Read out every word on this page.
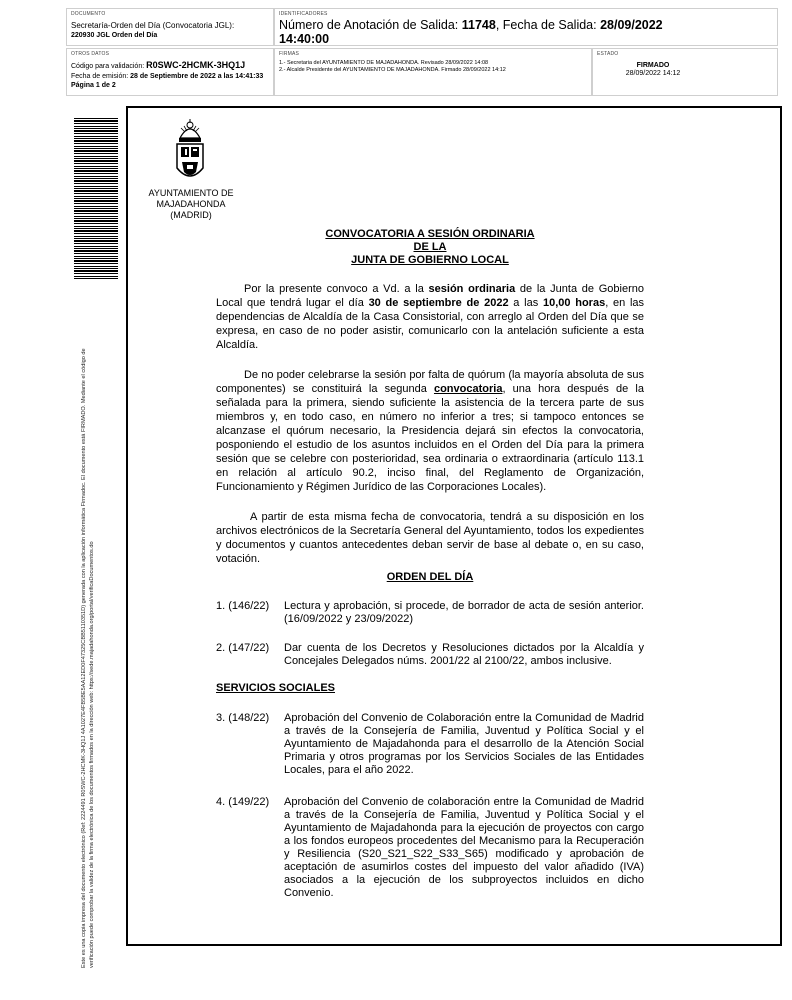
DOCUMENTO
Secretaría-Orden del Día (Convocatoria JGL):
220930 JGL Orden del Día
IDENTIFICADORES
Número de Anotación de Salida: 11748, Fecha de Salida: 28/09/2022
14:40:00
OTROS DATOS
Código para validación: R0SWC-2HCMK-3HQ1J
Fecha de emisión: 28 de Septiembre de 2022 a las 14:41:33
Página 1 de 2
FIRMAS
1.- Secretaria del AYUNTAMIENTO DE MAJADAHONDA. Revisado 28/09/2022 14:08
2.- Alcalde Presidente del AYUNTAMIENTO DE MAJADAHONDA. Firmado 28/09/2022 14:12
ESTADO
FIRMADO
28/09/2022 14:12
Este es una copia impresa del documento electrónico (Ref: 2224491 R0SWC-2HCMK-3HQ1J 4A1027E4FB5BE5AA12ED0F47325CBB5110351D) generada con la aplicación informática Firmadoc. El documento está FIRMADO. Mediante el código de verificación puede comprobar la validez de la firma electrónica de los documentos firmados en la dirección web: https://sede.majadahonda.org/portal/verificaDocumentos.do
AYUNTAMIENTO DE
MAJADAHONDA
(MADRID)
CONVOCATORIA A SESIÓN ORDINARIA
DE LA
JUNTA DE GOBIERNO LOCAL
Por la presente convoco a Vd. a la sesión ordinaria de la Junta de Gobierno Local que tendrá lugar el día 30 de septiembre de 2022 a las 10,00 horas, en las dependencias de Alcaldía de la Casa Consistorial, con arreglo al Orden del Día que se expresa, en caso de no poder asistir, comunicarlo con la antelación suficiente a esta Alcaldía.
De no poder celebrarse la sesión por falta de quórum (la mayoría absoluta de sus componentes) se constituirá la segunda convocatoria, una hora después de la señalada para la primera, siendo suficiente la asistencia de la tercera parte de sus miembros y, en todo caso, en número no inferior a tres; si tampoco entonces se alcanzase el quórum necesario, la Presidencia dejará sin efectos la convocatoria, posponiendo el estudio de los asuntos incluidos en el Orden del Día para la primera sesión que se celebre con posterioridad, sea ordinaria o extraordinaria (artículo 113.1 en relación al artículo 90.2, inciso final, del Reglamento de Organización, Funcionamiento y Régimen Jurídico de las Corporaciones Locales).
A partir de esta misma fecha de convocatoria, tendrá a su disposición en los archivos electrónicos de la Secretaría General del Ayuntamiento, todos los expedientes y documentos y cuantos antecedentes deban servir de base al debate o, en su caso, votación.
ORDEN DEL DÍA
1. (146/22)	Lectura y aprobación, si procede, de borrador de acta de sesión anterior. (16/09/2022 y 23/09/2022)
2. (147/22)	Dar cuenta de los Decretos y Resoluciones dictados por la Alcaldía y Concejales Delegados núms. 2001/22 al 2100/22, ambos inclusive.
SERVICIOS SOCIALES
3. (148/22)	Aprobación del Convenio de Colaboración entre la Comunidad de Madrid a través de la Consejería de Familia, Juventud y Política Social y el Ayuntamiento de Majadahonda para el desarrollo de la Atención Social Primaria y otros programas por los Servicios Sociales de las Entidades Locales, para el año 2022.
4. (149/22)	Aprobación del Convenio de colaboración entre la Comunidad de Madrid a través de la Consejería de Familia, Juventud y Política Social y el Ayuntamiento de Majadahonda para la ejecución de proyectos con cargo a los fondos europeos procedentes del Mecanismo para la Recuperación y Resiliencia (S20_S21_S22_S33_S65) modificado y aprobación de aceptación de asumirlos costes del impuesto del valor añadido (IVA) asociados a la ejecución de los subproyectos incluidos en dicho Convenio.
